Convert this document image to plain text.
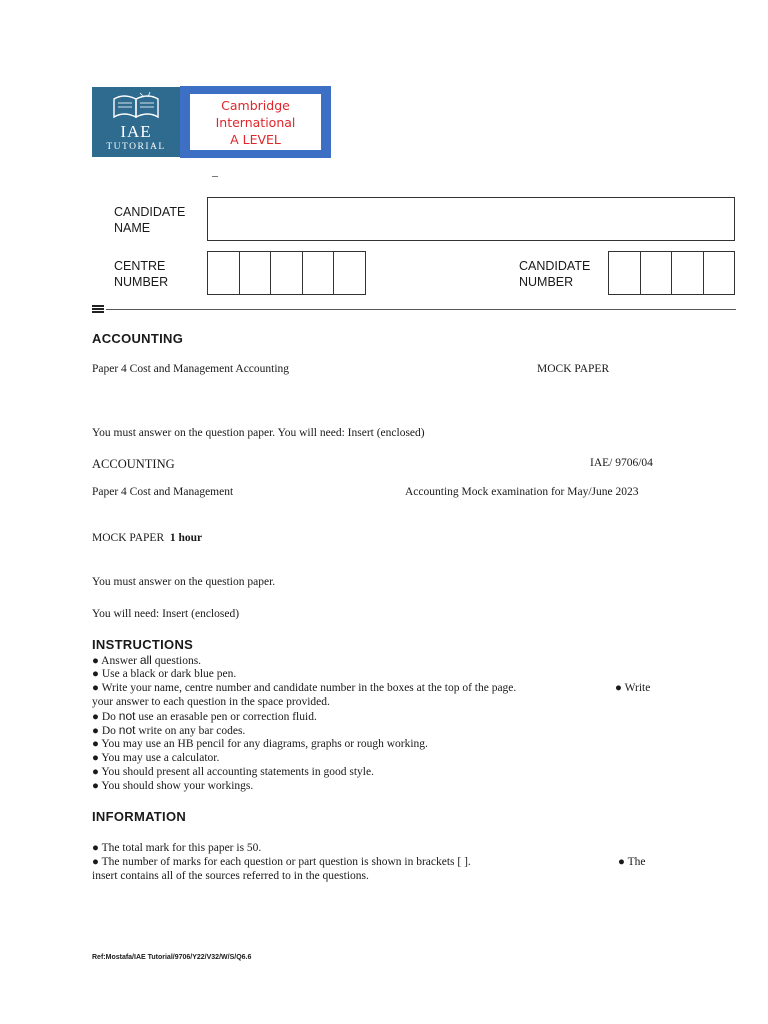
IAE
TUTORIAL
Cambridge
International
A LEVEL
–
CANDIDATE
NAME
CENTRE
NUMBER
CANDIDATE
NUMBER
ACCOUNTING
Paper 4 Cost and Management Accounting	MOCK PAPER
You must answer on the question paper. You will need: Insert (enclosed)
ACCOUNTING	IAE/ 9706/04
Paper 4 Cost and Management	Accounting Mock examination for May/June 2023
MOCK PAPER 1 hour
You must answer on the question paper.
You will need: Insert (enclosed)
INSTRUCTIONS
● Answer all questions.
● Use a black or dark blue pen.
● Write your name, centre number and candidate number in the boxes at the top of the page.	● Write
your answer to each question in the space provided.
● Do not use an erasable pen or correction fluid.
● Do not write on any bar codes.
● You may use an HB pencil for any diagrams, graphs or rough working.
● You may use a calculator.
● You should present all accounting statements in good style.
● You should show your workings.
INFORMATION
● The total mark for this paper is 50.
● The number of marks for each question or part question is shown in brackets [ ].	● The
insert contains all of the sources referred to in the questions.
Ref:Mostafa/IAE Tutorial/9706/Y22/V32/W/S/Q6.6
